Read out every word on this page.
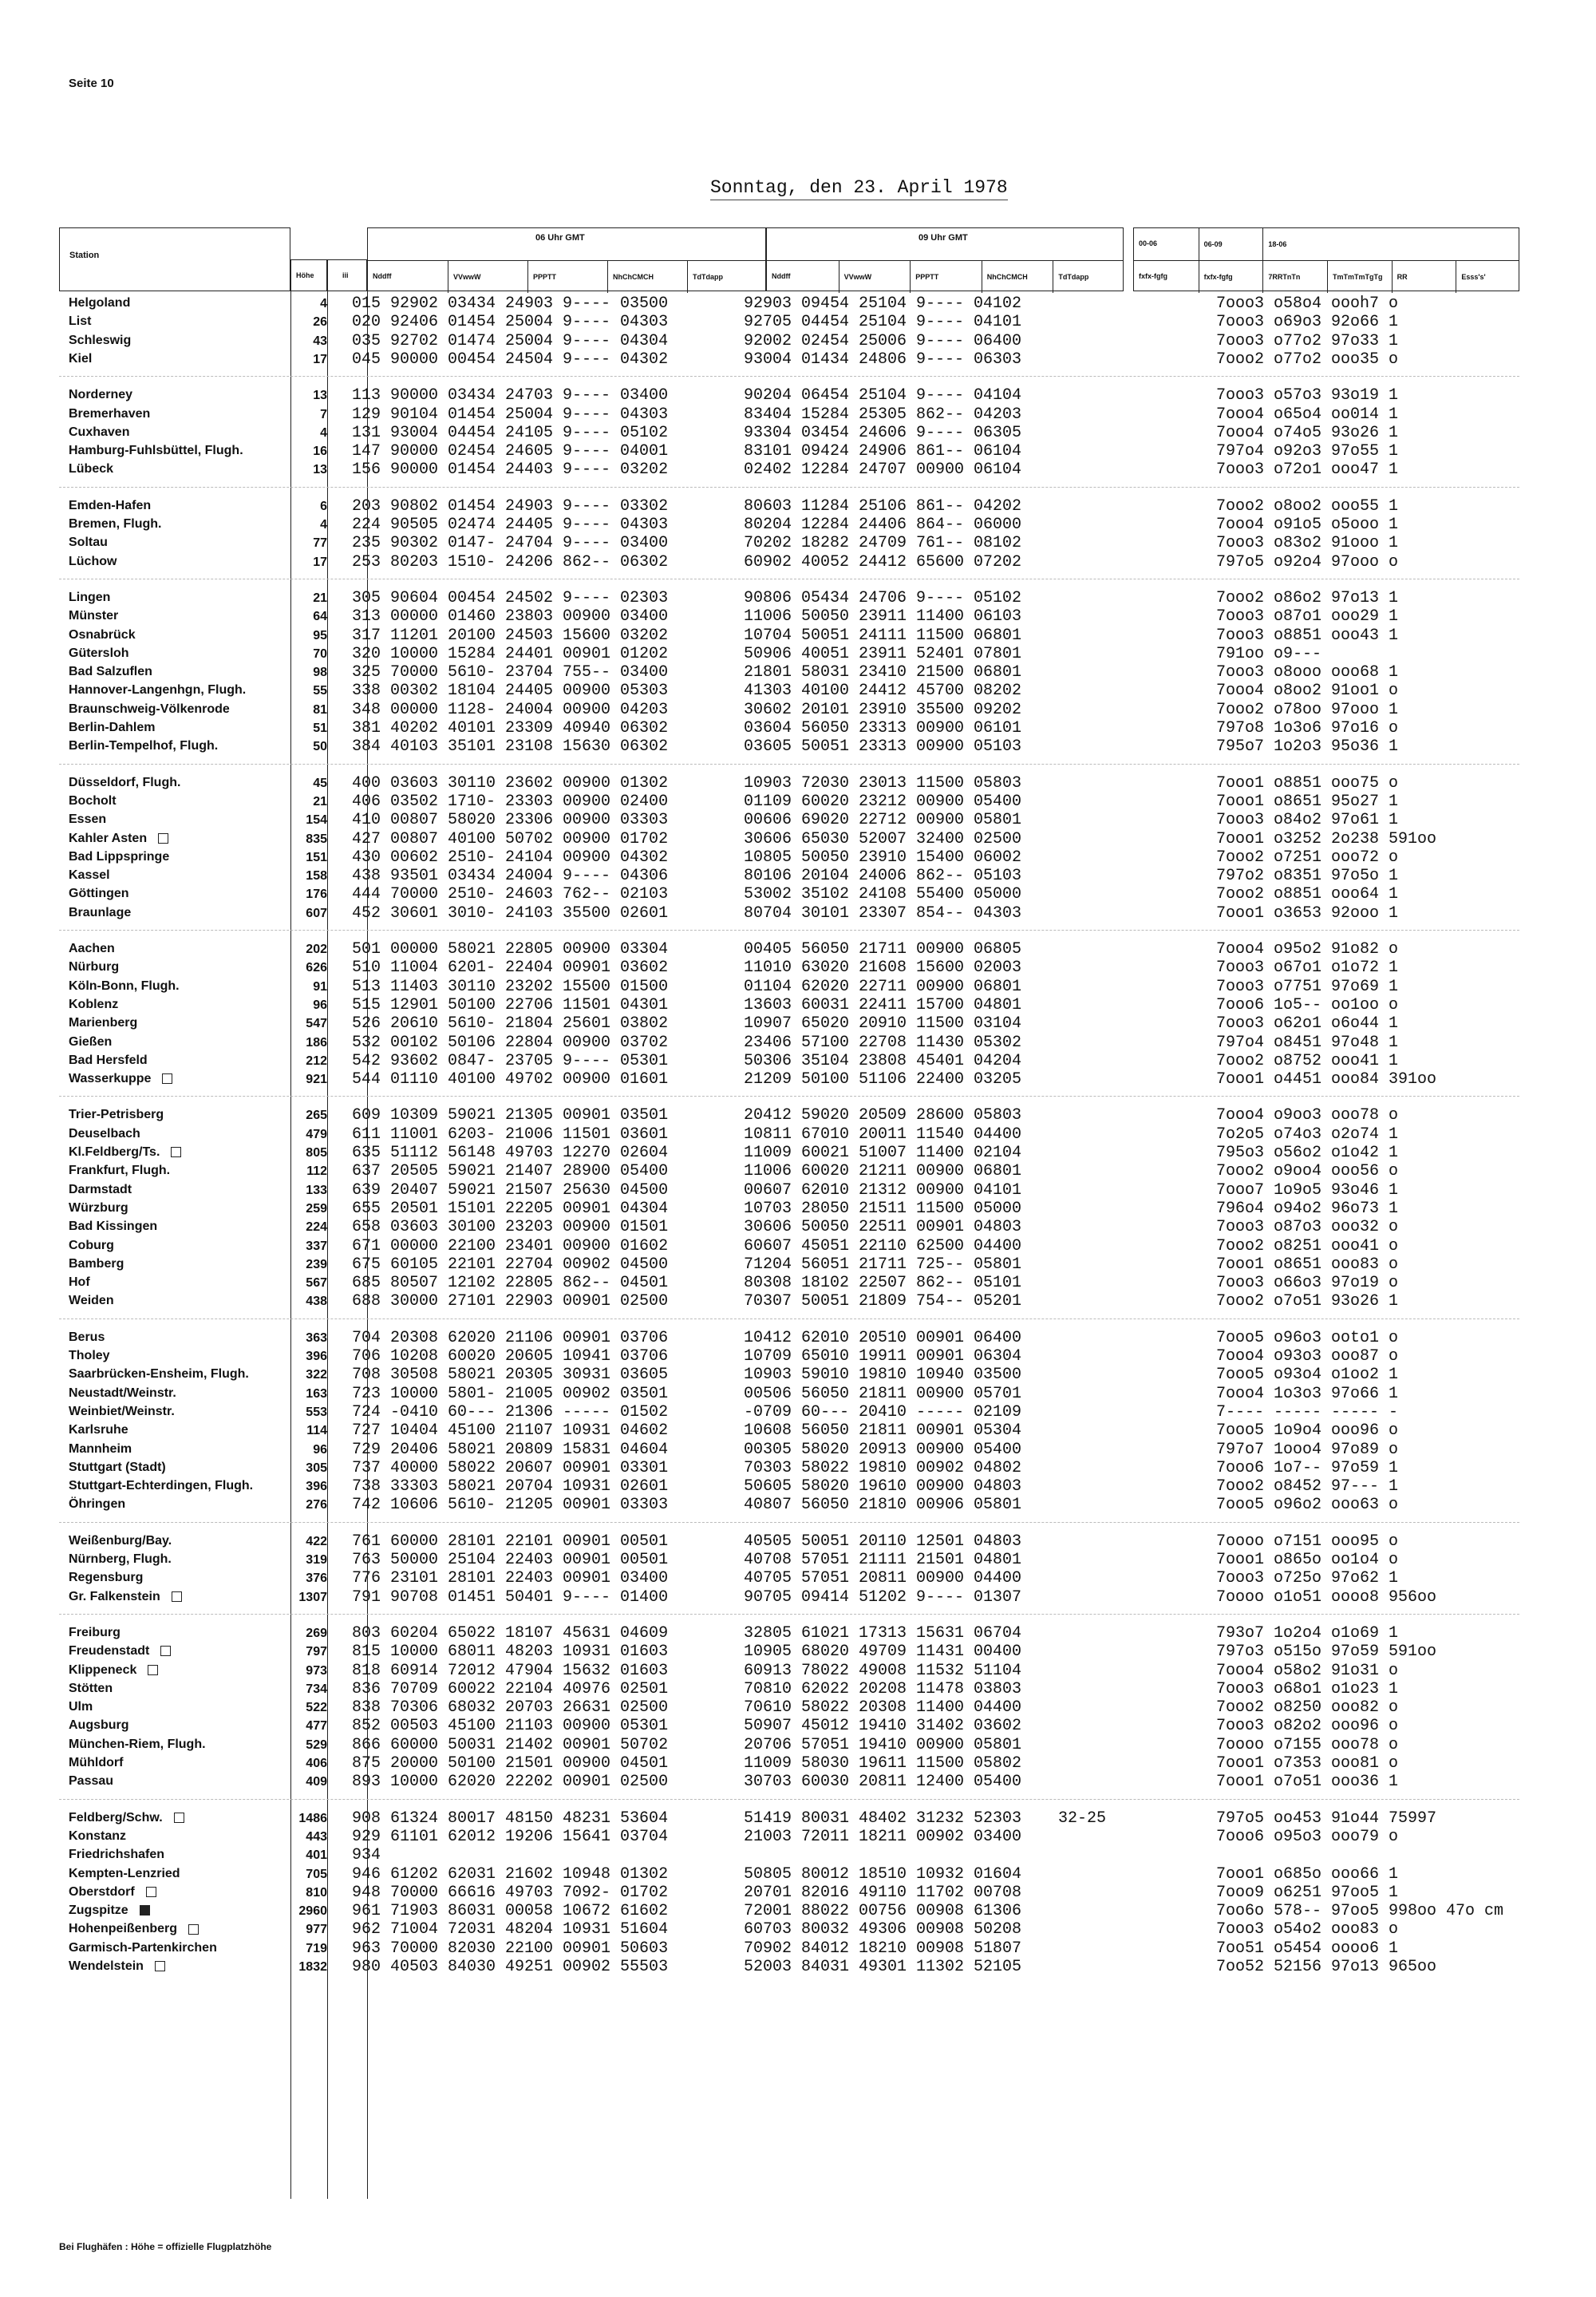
Seite 10
Sonntag, den 23. April 1978
Station
Höhe	iii
06 Uhr GMT
Nddff	VVwwW	PPPTT	NhChCMCH	TdTdapp
09 Uhr GMT
Nddff	VVwwW	PPPTT	NhChCMCH	TdTdapp
00-06	06-09	18-06
fxfx-fgfg	fxfx-fgfg	7RRTnTn	TmTmTmTgTg	RR	Esss's'
Helgoland	4 015 92902 03434 24903 9---- 03500	92903 09454 25104 9---- 04102	7ooo3 o58o4 oooh7 o
List	26 020 92406 01454 25004 9---- 04303	92705 04454 25104 9---- 04101	7ooo3 o69o3 92o66 1
Schleswig	43 035 92702 01474 25004 9---- 04304	92002 02454 25006 9---- 06400	7ooo3 o77o2 97o33 1
Kiel	17 045 90000 00454 24504 9---- 04302	93004 01434 24806 9---- 06303	7ooo2 o77o2 ooo35 o
Norderney	13 113 90000 03434 24703 9---- 03400	90204 06454 25104 9---- 04104	7ooo3 o57o3 93o19 1
Bremerhaven	7 129 90104 01454 25004 9---- 04303	83404 15284 25305 862-- 04203	7ooo4 o65o4 oo014 1
Cuxhaven	4 131 93004 04454 24105 9---- 05102	93304 03454 24606 9---- 06305	7ooo4 o74o5 93o26 1
Hamburg-Fuhlsbüttel, Flugh.	16 147 90000 02454 24605 9---- 04001	83101 09424 24906 861-- 06104	797o4 o92o3 97o55 1
Lübeck	13 156 90000 01454 24403 9---- 03202	02402 12284 24707 00900 06104	7ooo3 o72o1 ooo47 1
Emden-Hafen	6 203 90802 01454 24903 9---- 03302	80603 11284 25106 861-- 04202	7ooo2 o8oo2 ooo55 1
Bremen, Flugh.	4 224 90505 02474 24405 9---- 04303	80204 12284 24406 864-- 06000	7ooo4 o91o5 o5ooo 1
Soltau	77 235 90302 0147- 24704 9---- 03400	70202 18282 24709 761-- 08102	7ooo3 o83o2 91ooo 1
Lüchow	17 253 80203 1510- 24206 862-- 06302	60902 40052 24412 65600 07202	797o5 o92o4 97ooo o
Lingen	21 305 90604 00454 24502 9---- 02303	90806 05434 24706 9---- 05102	7ooo2 o86o2 97o13 1
Münster	64 313 00000 01460 23803 00900 03400	11006 50050 23911 11400 06103	7ooo3 o87o1 ooo29 1
Osnabrück	95 317 11201 20100 24503 15600 03202	10704 50051 24111 11500 06801	7ooo3 o8851 ooo43 1
Gütersloh	70 320 10000 15284 24401 00901 01202	50906 40051 23911 52401 07801	791oo o9---
Bad Salzuflen	98 325 70000 5610- 23704 755-- 03400	21801 58031 23410 21500 06801	7ooo3 o8ooo ooo68 1
Hannover-Langenhgn, Flugh.	55 338 00302 18104 24405 00900 05303	41303 40100 24412 45700 08202	7ooo4 o8oo2 91oo1 o
Braunschweig-Völkenrode	81 348 00000 1128- 24004 00900 04203	30602 20101 23910 35500 09202	7ooo2 o78oo 97ooo 1
Berlin-Dahlem	51 381 40202 40101 23309 40940 06302	03604 56050 23313 00900 06101	797o8 1o3o6 97o16 o
Berlin-Tempelhof, Flugh.	50 384 40103 35101 23108 15630 06302	03605 50051 23313 00900 05103	795o7 1o2o3 95o36 1
Düsseldorf, Flugh.	45 400 03603 30110 23602 00900 01302	10903 72030 23013 11500 05803	7ooo1 o8851 ooo75 o
Bocholt	21 406 03502 1710- 23303 00900 02400	01109 60020 23212 00900 05400	7ooo1 o8651 95o27 1
Essen	154 410 00807 58020 23306 00900 03303	00606 69020 22712 00900 05801	7ooo3 o84o2 97o61 1
Kahler Asten	835 427 00807 40100 50702 00900 01702	30606 65030 52007 32400 02500	7ooo1 o3252 2o238 591oo
Bad Lippspringe	151 430 00602 2510- 24104 00900 04302	10805 50050 23910 15400 06002	7ooo2 o7251 ooo72 o
Kassel	158 438 93501 03434 24004 9---- 04306	80106 20104 24006 862-- 05103	797o2 o8351 97o5o 1
Göttingen	176 444 70000 2510- 24603 762-- 02103	53002 35102 24108 55400 05000	7ooo2 o8851 ooo64 1
Braunlage	607 452 30601 3010- 24103 35500 02601	80704 30101 23307 854-- 04303	7ooo1 o3653 92ooo 1
Aachen	202 501 00000 58021 22805 00900 03304	00405 56050 21711 00900 06805	7ooo4 o95o2 91o82 o
Nürburg	626 510 11004 6201- 22404 00901 03602	11010 63020 21608 15600 02003	7ooo3 o67o1 o1o72 1
Köln-Bonn, Flugh.	91 513 11403 30110 23202 15500 01500	01104 62020 22711 00900 06801	7ooo3 o7751 97o69 1
Koblenz	96 515 12901 50100 22706 11501 04301	13603 60031 22411 15700 04801	7ooo6 1o5-- oo1oo o
Marienberg	547 526 20610 5610- 21804 25601 03802	10907 65020 20910 11500 03104	7ooo3 o62o1 o6o44 1
Gießen	186 532 00102 50106 22804 00900 03702	23406 57100 22708 11430 05302	797o4 o8451 97o48 1
Bad Hersfeld	212 542 93602 0847- 23705 9---- 05301	50306 35104 23808 45401 04204	7ooo2 o8752 ooo41 1
Wasserkuppe	921 544 01110 40100 49702 00900 01601	21209 50100 51106 22400 03205	7ooo1 o4451 ooo84 391oo
Trier-Petrisberg	265 609 10309 59021 21305 00901 03501	20412 59020 20509 28600 05803	7ooo4 o9oo3 ooo78 o
Deuselbach	479 611 11001 6203- 21006 11501 03601	10811 67010 20011 11540 04400	7o2o5 o74o3 o2o74 1
Kl.Feldberg/Ts.	805 635 51112 56148 49703 12270 02604	11009 60021 51007 11400 02104	795o3 o56o2 o1o42 1
Frankfurt, Flugh.	112 637 20505 59021 21407 28900 05400	11006 60020 21211 00900 06801	7ooo2 o9oo4 ooo56 o
Darmstadt	133 639 20407 59021 21507 25630 04500	00607 62010 21312 00900 04101	7ooo7 1o9o5 93o46 1
Würzburg	259 655 20501 15101 22205 00901 04304	10703 28050 21511 11500 05000	796o4 o94o2 96o73 1
Bad Kissingen	224 658 03603 30100 23203 00900 01501	30606 50050 22511 00901 04803	7ooo3 o87o3 ooo32 o
Coburg	337 671 00000 22100 23401 00900 01602	60607 45051 22110 62500 04400	7ooo2 o8251 ooo41 o
Bamberg	239 675 60105 22101 22704 00902 04500	71204 56051 21711 725-- 05801	7ooo1 o8651 ooo83 o
Hof	567 685 80507 12102 22805 862-- 04501	80308 18102 22507 862-- 05101	7ooo3 o66o3 97o19 o
Weiden	438 688 30000 27101 22903 00901 02500	70307 50051 21809 754-- 05201	7ooo2 o7o51 93o26 1
Berus	363 704 20308 62020 21106 00901 03706	10412 62010 20510 00901 06400	7ooo5 o96o3 ooto1 o
Tholey	396 706 10208 60020 20605 10941 03706	10709 65010 19911 00901 06304	7ooo4 o93o3 ooo87 o
Saarbrücken-Ensheim, Flugh.	322 708 30508 58021 20305 30931 03605	10903 59010 19810 10940 03500	7ooo5 o93o4 o1oo2 1
Neustadt/Weinstr.	163 723 10000 5801- 21005 00902 03501	00506 56050 21811 00900 05701	7ooo4 1o3o3 97o66 1
Weinbiet/Weinstr.	553 724 -0410 60--- 21306 ----- 01502	-0709 60--- 20410 ----- 02109	7---- ----- ----- -
Karlsruhe	114 727 10404 45100 21107 10931 04602	10608 56050 21811 00901 05304	7ooo5 1o9o4 ooo96 o
Mannheim	96 729 20406 58021 20809 15831 04604	00305 58020 20913 00900 05400	797o7 1ooo4 97o89 o
Stuttgart (Stadt)	305 737 40000 58022 20607 00901 03301	70303 58022 19810 00902 04802	7ooo6 1o7-- 97o59 1
Stuttgart-Echterdingen, Flugh.	396 738 33303 58021 20704 10931 02601	50605 58020 19610 00900 04803	7ooo2 o8452 97--- 1
Öhringen	276 742 10606 5610- 21205 00901 03303	40807 56050 21810 00906 05801	7ooo5 o96o2 ooo63 o
Weißenburg/Bay.	422 761 60000 28101 22101 00901 00501	40505 50051 20110 12501 04803	7oooo o7151 ooo95 o
Nürnberg, Flugh.	319 763 50000 25104 22403 00901 00501	40708 57051 21111 21501 04801	7ooo1 o865o oo1o4 o
Regensburg	376 776 23101 28101 22403 00901 03400	40705 57051 20811 00900 04400	7ooo3 o725o 97o62 1
Gr. Falkenstein	1307 791 90708 01451 50401 9---- 01400	90705 09414 51202 9---- 01307	7oooo o1o51 oooo8 956oo
Freiburg	269 803 60204 65022 18107 45631 04609	32805 61021 17313 15631 06704	793o7 1o2o4 o1o69 1
Freudenstadt	797 815 10000 68011 48203 10931 01603	10905 68020 49709 11431 00400	797o3 o515o 97o59 591oo
Klippeneck	973 818 60914 72012 47904 15632 01603	60913 78022 49008 11532 51104	7ooo4 o58o2 91o31 o
Stötten	734 836 70709 60022 22104 40976 02501	70810 62022 20208 11478 03803	7ooo3 o68o1 o1o23 1
Ulm	522 838 70306 68032 20703 26631 02500	70610 58022 20308 11400 04400	7ooo2 o8250 ooo82 o
Augsburg	477 852 00503 45100 21103 00900 05301	50907 45012 19410 31402 03602	7ooo3 o82o2 ooo96 o
München-Riem, Flugh.	529 866 60000 50031 21402 00901 50702	20706 57051 19410 00900 05801	7oooo o7155 ooo78 o
Mühldorf	406 875 20000 50100 21501 00900 04501	11009 58030 19611 11500 05802	7ooo1 o7353 ooo81 o
Passau	409 893 10000 62020 22202 00901 02500	30703 60030 20811 12400 05400	7ooo1 o7o51 ooo36 1
Feldberg/Schw.	1486 908 61324 80017 48150 48231 53604	51419 80031 48402 31232 52303 32-25	797o5 oo453 91o44 75997
Konstanz	443 929 61101 62012 19206 15641 03704	21003 72011 18211 00902 03400	7ooo6 o95o3 ooo79 o
Friedrichshafen	401 934
Kempten-Lenzried	705 946 61202 62031 21602 10948 01302	50805 80012 18510 10932 01604	7ooo1 o685o ooo66 1
Oberstdorf	810 948 70000 66616 49703 7092- 01702	20701 82016 49110 11702 00708	7ooo9 o6251 97oo5 1
Zugspitze	2960 961 71903 86031 00058 10672 61602	72001 88022 00756 00908 61306	7oo6o 578-- 97oo5 998oo 47o cm
Hohenpeißenberg	977 962 71004 72031 48204 10931 51604	60703 80032 49306 00908 50208	7ooo3 o54o2 ooo83 o
Garmisch-Partenkirchen	719 963 70000 82030 22100 00901 50603	70902 84012 18210 00908 51807	7oo51 o5454 oooo6 1
Wendelstein	1832 980 40503 84030 49251 00902 55503	52003 84031 49301 11302 52105	7oo52 52156 97o13 965oo
Bei Flughäfen : Höhe = offizielle Flugplatzhöhe
